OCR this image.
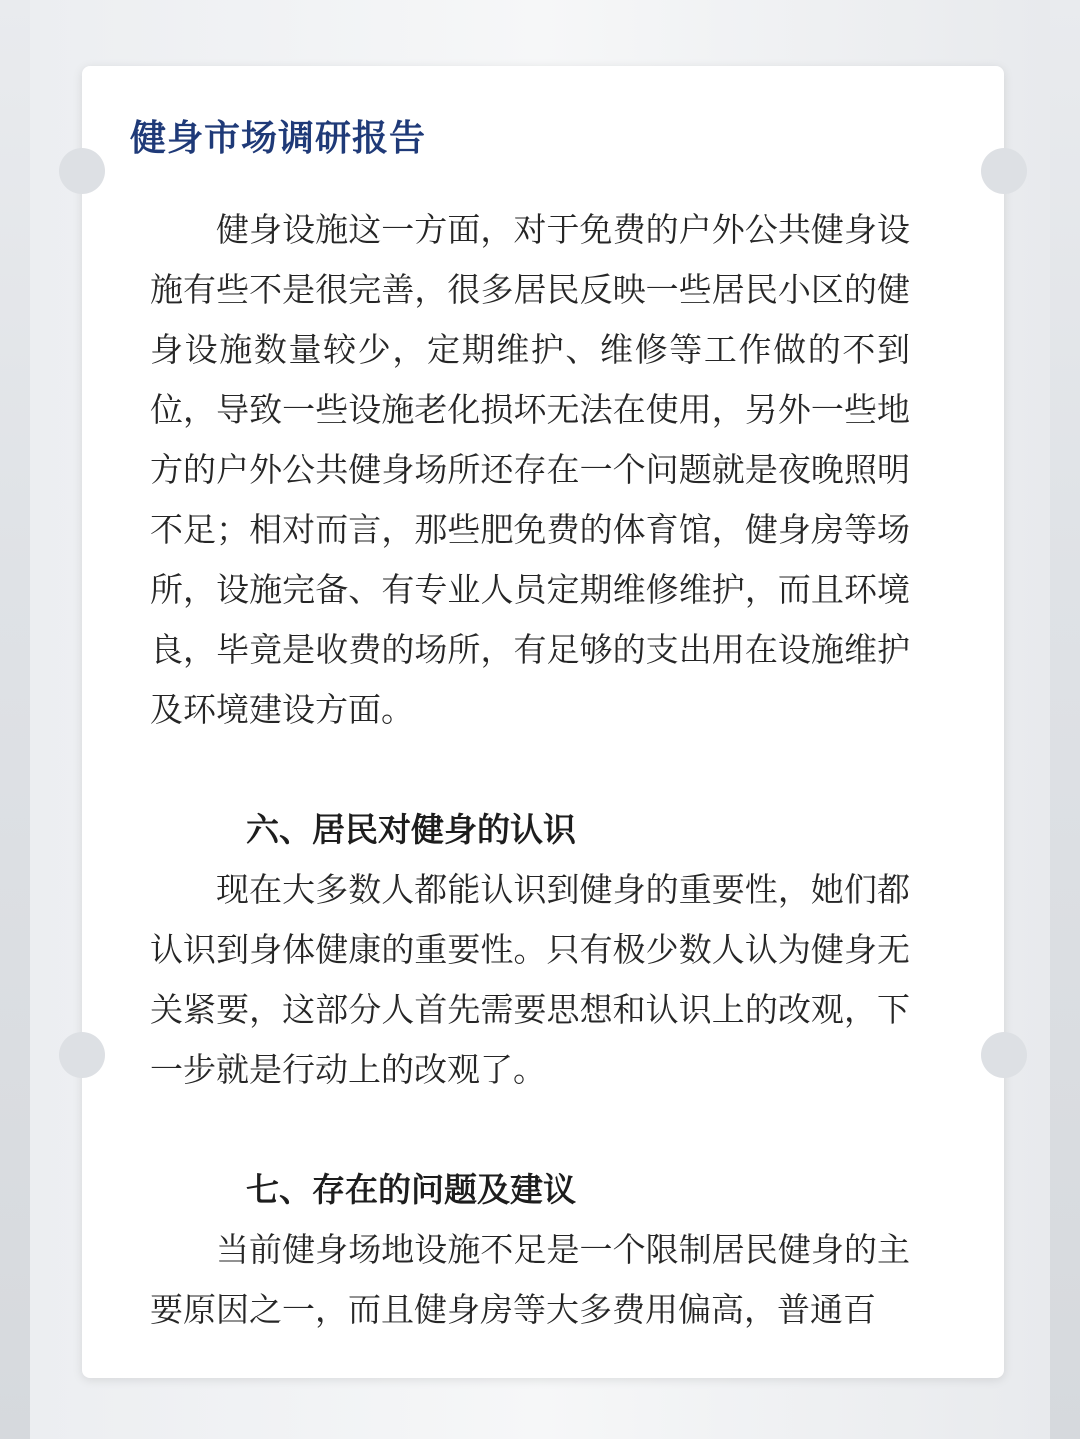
健身市场调研报告

健身设施这一方面，对于免费的户外公共健身设施有些不是很完善，很多居民反映一些居民小区的健身设施数量较少，定期维护、维修等工作做的不到位，导致一些设施老化损坏无法在使用，另外一些地方的户外公共健身场所还存在一个问题就是夜晚照明不足；相对而言，那些肥免费的体育馆，健身房等场所，设施完备、有专业人员定期维修维护，而且环境良，毕竟是收费的场所，有足够的支出用在设施维护及环境建设方面。

六、居民对健身的认识

现在大多数人都能认识到健身的重要性，她们都认识到身体健康的重要性。只有极少数人认为健身无关紧要，这部分人首先需要思想和认识上的改观，下一步就是行动上的改观了。

七、存在的问题及建议

当前健身场地设施不足是一个限制居民健身的主要原因之一，而且健身房等大多费用偏高，普通百
